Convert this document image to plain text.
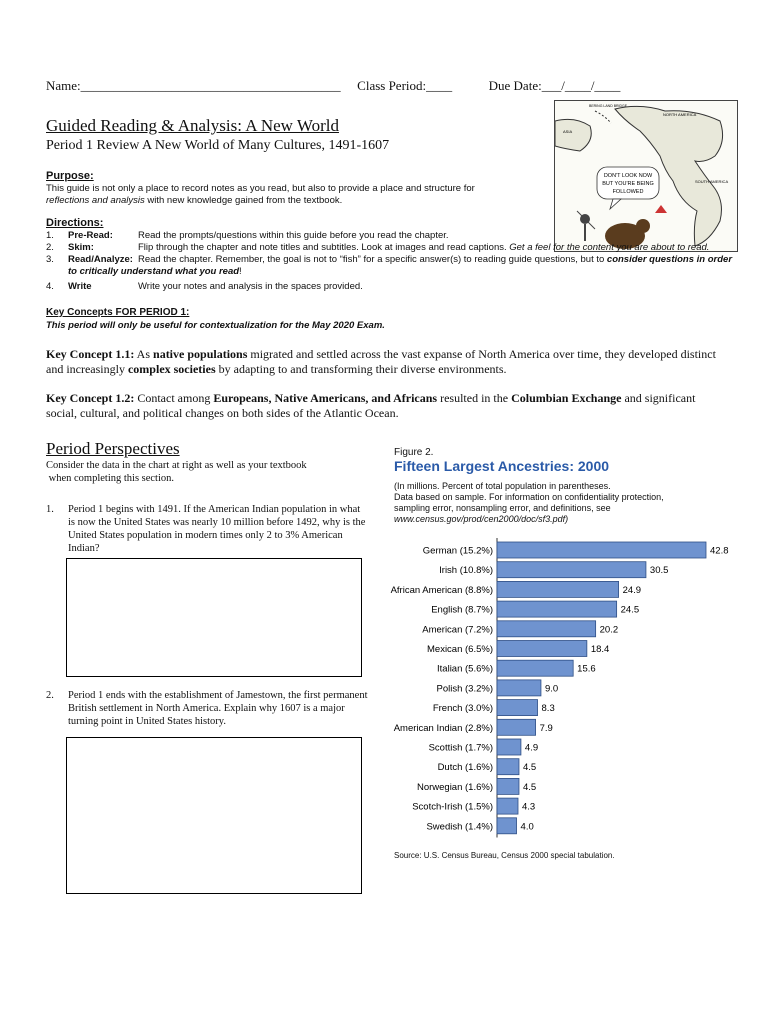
Name:________________________________________ Class Period:____	Due Date:___/____/____
Guided Reading & Analysis: A New World
Period 1 Review A New World of Many Cultures, 1491-1607
DON'T LOOK NOW
BUT YOU'RE BEING
FOLLOWED
NORTH AMERICA
SOUTH AMERICA
ASIA
BERING LAND BRIDGE
Purpose:
This guide is not only a place to record notes as you read, but also to provide a place and structure for
reflections and analysis with new knowledge gained from the textbook.
Directions:
1. Pre-Read:	Read the prompts/questions within this guide before you read the chapter.
2. Skim:	Flip through the chapter and note titles and subtitles. Look at images and read captions. Get a feel for the content you are about to read.
3. Read/Analyze: Read the chapter. Remember, the goal is not to “fish” for a specific answer(s) to reading guide questions, but to consider questions in order
to critically understand what you read!
4. Write	Write your notes and analysis in the spaces provided.
Key Concepts FOR PERIOD 1:
This period will only be useful for contextualization for the May 2020 Exam.
Key Concept 1.1: As native populations migrated and settled across the vast expanse of North America over time, they developed distinct and increasingly complex societies by adapting to and transforming their diverse environments.
Key Concept 1.2: Contact among Europeans, Native Americans, and Africans resulted in the Columbian Exchange and significant social, cultural, and political changes on both sides of the Atlantic Ocean.
Period Perspectives
Consider the data in the chart at right as well as your textbook
when completing this section.
1. Period 1 begins with 1491. If the American Indian population in what is now the United States was nearly 10 million before 1492, why is the United States population in modern times only 2 to 3% American Indian?
2. Period 1 ends with the establishment of Jamestown, the first permanent British settlement in North America. Explain why 1607 is a major turning point in United States history.
Figure 2.
Fifteen Largest Ancestries: 2000
(In millions. Percent of total population in parentheses.
Data based on sample. For information on confidentiality protection,
sampling error, nonsampling error, and definitions, see
www.census.gov/prod/cen2000/doc/sf3.pdf)
German (15.2%)	42.8
Irish (10.8%)	30.5
African American (8.8%)	24.9
English (8.7%)	24.5
American (7.2%)	20.2
Mexican (6.5%)	18.4
Italian (5.6%)	15.6
Polish (3.2%)	9.0
French (3.0%)	8.3
American Indian (2.8%)	7.9
Scottish (1.7%)	4.9
Dutch (1.6%)	4.5
Norwegian (1.6%)	4.5
Scotch-Irish (1.5%)	4.3
Swedish (1.4%)	4.0
Source: U.S. Census Bureau, Census 2000 special tabulation.
